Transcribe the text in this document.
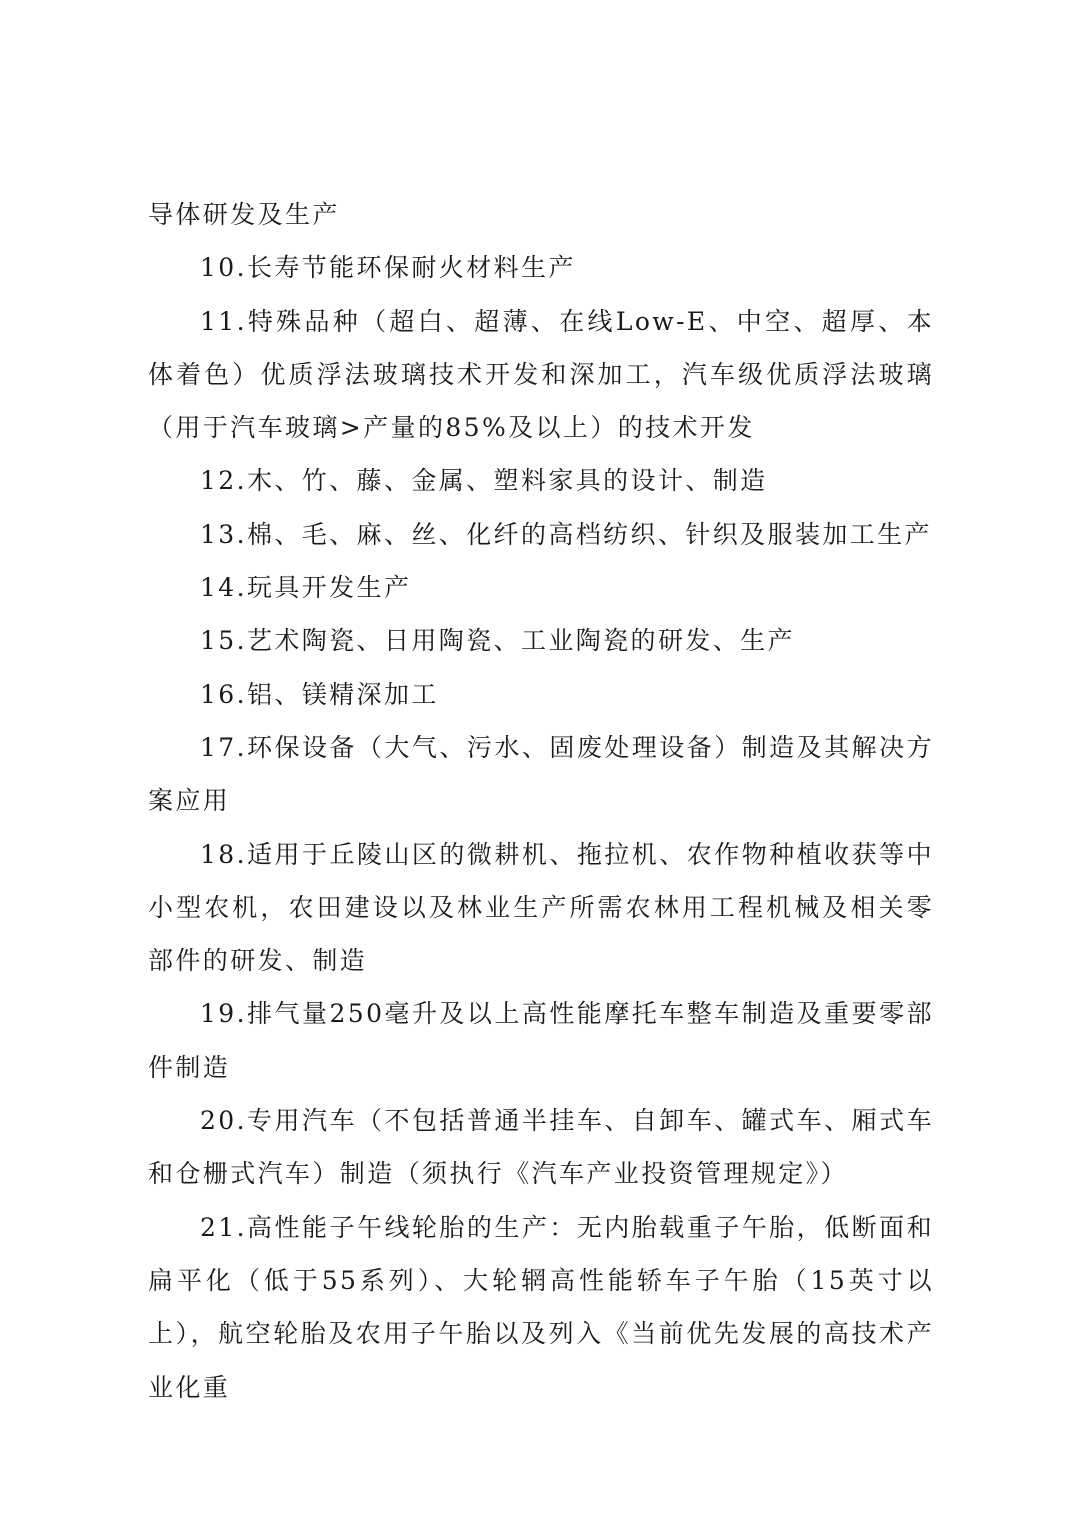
导体研发及生产

10.长寿节能环保耐火材料生产

11.特殊品种（超白、超薄、在线Low-E、中空、超厚、本体着色）优质浮法玻璃技术开发和深加工，汽车级优质浮法玻璃（用于汽车玻璃>产量的85%及以上）的技术开发

12.木、竹、藤、金属、塑料家具的设计、制造

13.棉、毛、麻、丝、化纤的高档纺织、针织及服装加工生产

14.玩具开发生产

15.艺术陶瓷、日用陶瓷、工业陶瓷的研发、生产

16.铝、镁精深加工

17.环保设备（大气、污水、固废处理设备）制造及其解决方案应用

18.适用于丘陵山区的微耕机、拖拉机、农作物种植收获等中小型农机，农田建设以及林业生产所需农林用工程机械及相关零部件的研发、制造

19.排气量250毫升及以上高性能摩托车整车制造及重要零部件制造

20.专用汽车（不包括普通半挂车、自卸车、罐式车、厢式车和仓栅式汽车）制造（须执行《汽车产业投资管理规定》）

21.高性能子午线轮胎的生产：无内胎载重子午胎，低断面和扁平化（低于55系列）、大轮辋高性能轿车子午胎（15英寸以上），航空轮胎及农用子午胎以及列入《当前优先发展的高技术产业化重
